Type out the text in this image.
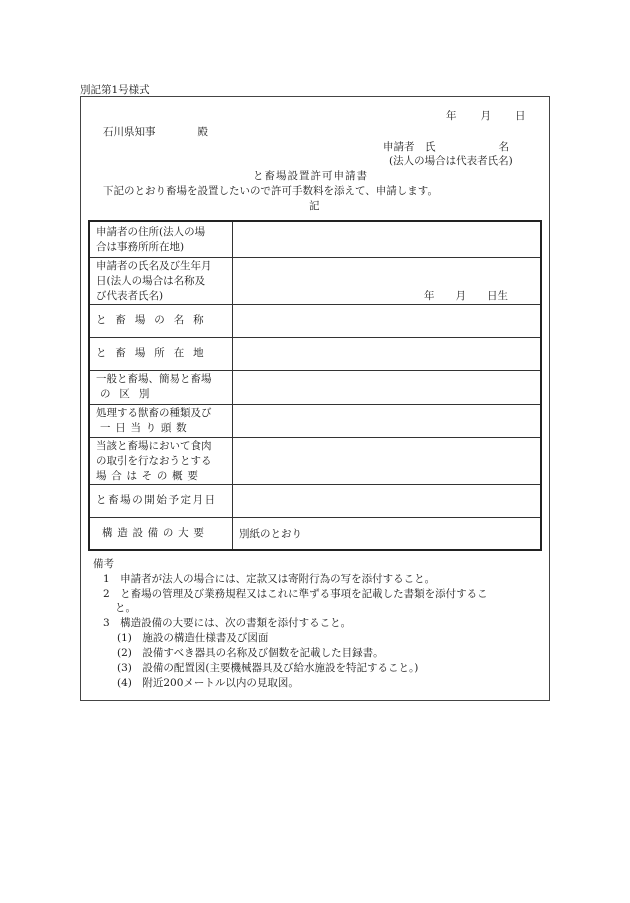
別記第1号様式
年　　月　　日
石川県知事　　　　殿
申請者　氏　　　　　　名
(法人の場合は代表者氏名)
と畜場設置許可申請書
下記のとおり畜場を設置したいので許可手数料を添えて、申請します。
記
備考
1　申請者が法人の場合には、定款又は寄附行為の写を添付すること。
2　と畜場の管理及び業務規程又はこれに準ずる事項を記載した書類を添付するこ
と。
3　構造設備の大要には、次の書類を添付すること。
(1)　施設の構造仕様書及び図面
(2)　設備すべき器具の名称及び個数を記載した目録書。
(3)　設備の配置図(主要機械器具及び給水施設を特記すること。)
(4)　附近200メートル以内の見取図。
申請者の住所(法人の場
合は事務所所在地)
申請者の氏名及び生年月
日(法人の場合は名称及
び代表者氏名)	年　　月　　日生
と畜場の名称
と畜場所在地
一般と畜場、簡易と畜場
の区別
処理する獣畜の種類及び
一日当り頭数
当該と畜場において食肉
の取引を行なおうとする
場合はその概要
と畜場の開始予定月日
構造設備の大要	別紙のとおり
